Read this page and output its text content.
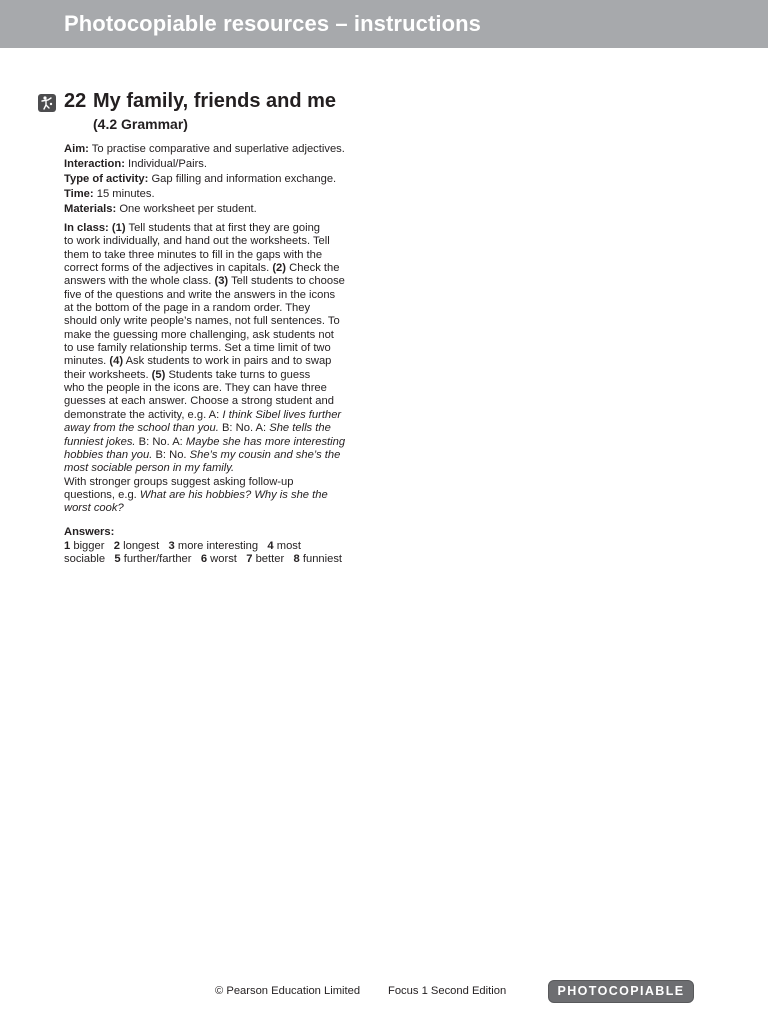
Photocopiable resources – instructions
22 My family, friends and me
(4.2 Grammar)
Aim: To practise comparative and superlative adjectives.
Interaction: Individual/Pairs.
Type of activity: Gap filling and information exchange.
Time: 15 minutes.
Materials: One worksheet per student.
In class: (1) Tell students that at first they are going
to work individually, and hand out the worksheets. Tell
them to take three minutes to fill in the gaps with the
correct forms of the adjectives in capitals. (2) Check the
answers with the whole class. (3) Tell students to choose
five of the questions and write the answers in the icons
at the bottom of the page in a random order. They
should only write people’s names, not full sentences. To
make the guessing more challenging, ask students not
to use family relationship terms. Set a time limit of two
minutes. (4) Ask students to work in pairs and to swap
their worksheets. (5) Students take turns to guess
who the people in the icons are. They can have three
guesses at each answer. Choose a strong student and
demonstrate the activity, e.g. A: I think Sibel lives further
away from the school than you. B: No. A: She tells the
funniest jokes. B: No. A: Maybe she has more interesting
hobbies than you. B: No. She’s my cousin and she’s the
most sociable person in my family.
With stronger groups suggest asking follow-up
questions, e.g. What are his hobbies? Why is she the
worst cook?
Answers:
1 bigger 2 longest 3 more interesting 4 most
sociable 5 further/farther 6 worst 7 better 8 funniest
© Pearson Education Limited Focus 1 Second Edition	PHOTOCOPIABLE
